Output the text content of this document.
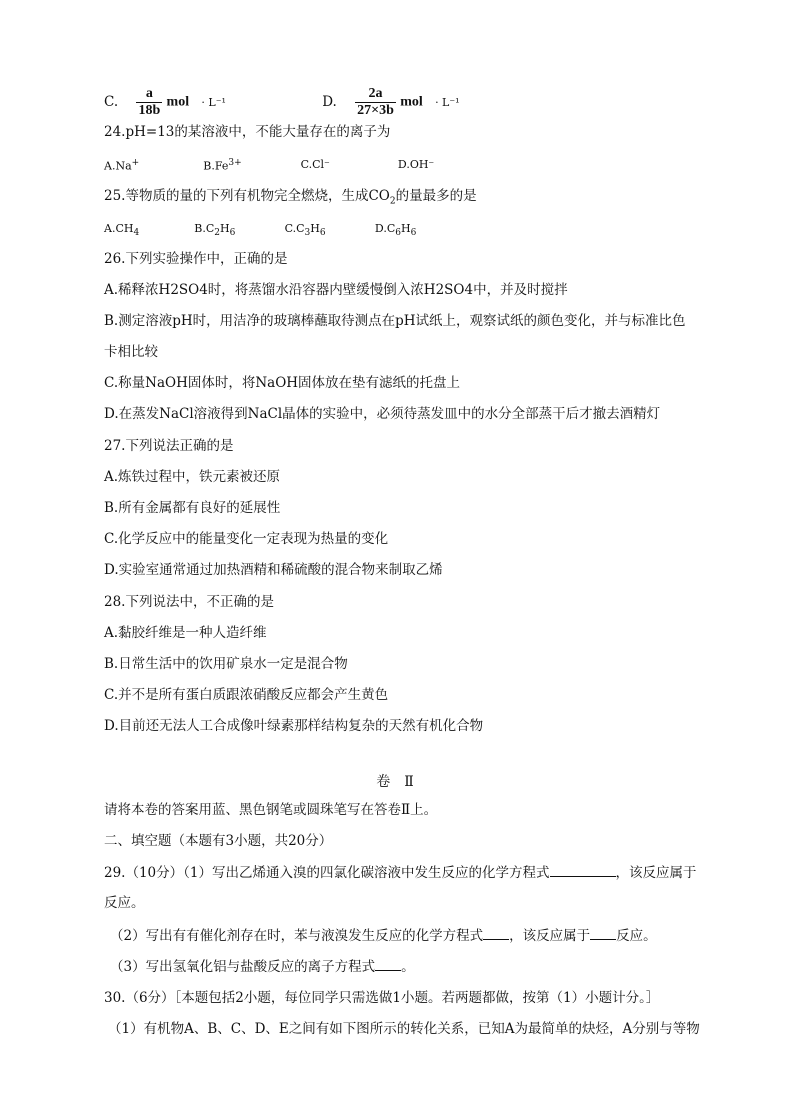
C. $\frac{a}{18b}$ mol · L⁻¹	D. $\frac{2a}{27\times 3b}$ mol · L⁻¹
24.pH=13的某溶液中，不能大量存在的离子为
A.Na+	$B.Fe^{3+}$	C.Cl⁻	D.OH⁻
25.等物质的量的下列有机物完全燃烧，生成$CO_2$的量最多的是
$A.CH_4$	$B.C_2H_6$	$C.C_3H_6$	$D.C_6H_6$
26.下列实验操作中，正确的是
A.稀释浓H2SO4时，将蒸馏水沿容器内壁缓慢倒入浓H2SO4中，并及时搅拌
B.测定溶液pH时，用洁净的玻璃棒蘸取待测点在pH试纸上，观察试纸的颜色变化，并与标准比色
卡相比较
C.称量NaOH固体时，将NaOH固体放在垫有滤纸的托盘上
D.在蒸发NaCl溶液得到NaCl晶体的实验中，必须待蒸发皿中的水分全部蒸干后才撤去酒精灯
27.下列说法正确的是
A.炼铁过程中，铁元素被还原
B.所有金属都有良好的延展性
C.化学反应中的能量变化一定表现为热量的变化
D.实验室通常通过加热酒精和稀硫酸的混合物来制取乙烯
28.下列说法中，不正确的是
A.黏胶纤维是一种人造纤维
B.日常生活中的饮用矿泉水一定是混合物
C.并不是所有蛋白质跟浓硝酸反应都会产生黄色
D.目前还无法人工合成像叶绿素那样结构复杂的天然有机化合物
卷　Ⅱ
请将本卷的答案用蓝、黑色钢笔或圆珠笔写在答卷Ⅱ上。
二、填空题（本题有3小题，共20分）
29.（10分）（1）写出乙烯通入溴的四氯化碳溶液中发生反应的化学方程式	，该反应属于
反应。
（2）写出有有催化剂存在时，苯与液溴发生反应的化学方程式 ，该反应属于 反应。
（3）写出氢氧化铝与盐酸反应的离子方程式 。
30.（6分）［本题包括2小题，每位同学只需选做1小题。若两题都做，按第（1）小题计分。］
（1）有机物A、B、C、D、E之间有如下图所示的转化关系，已知A为最简单的炔烃，A分别与等物
